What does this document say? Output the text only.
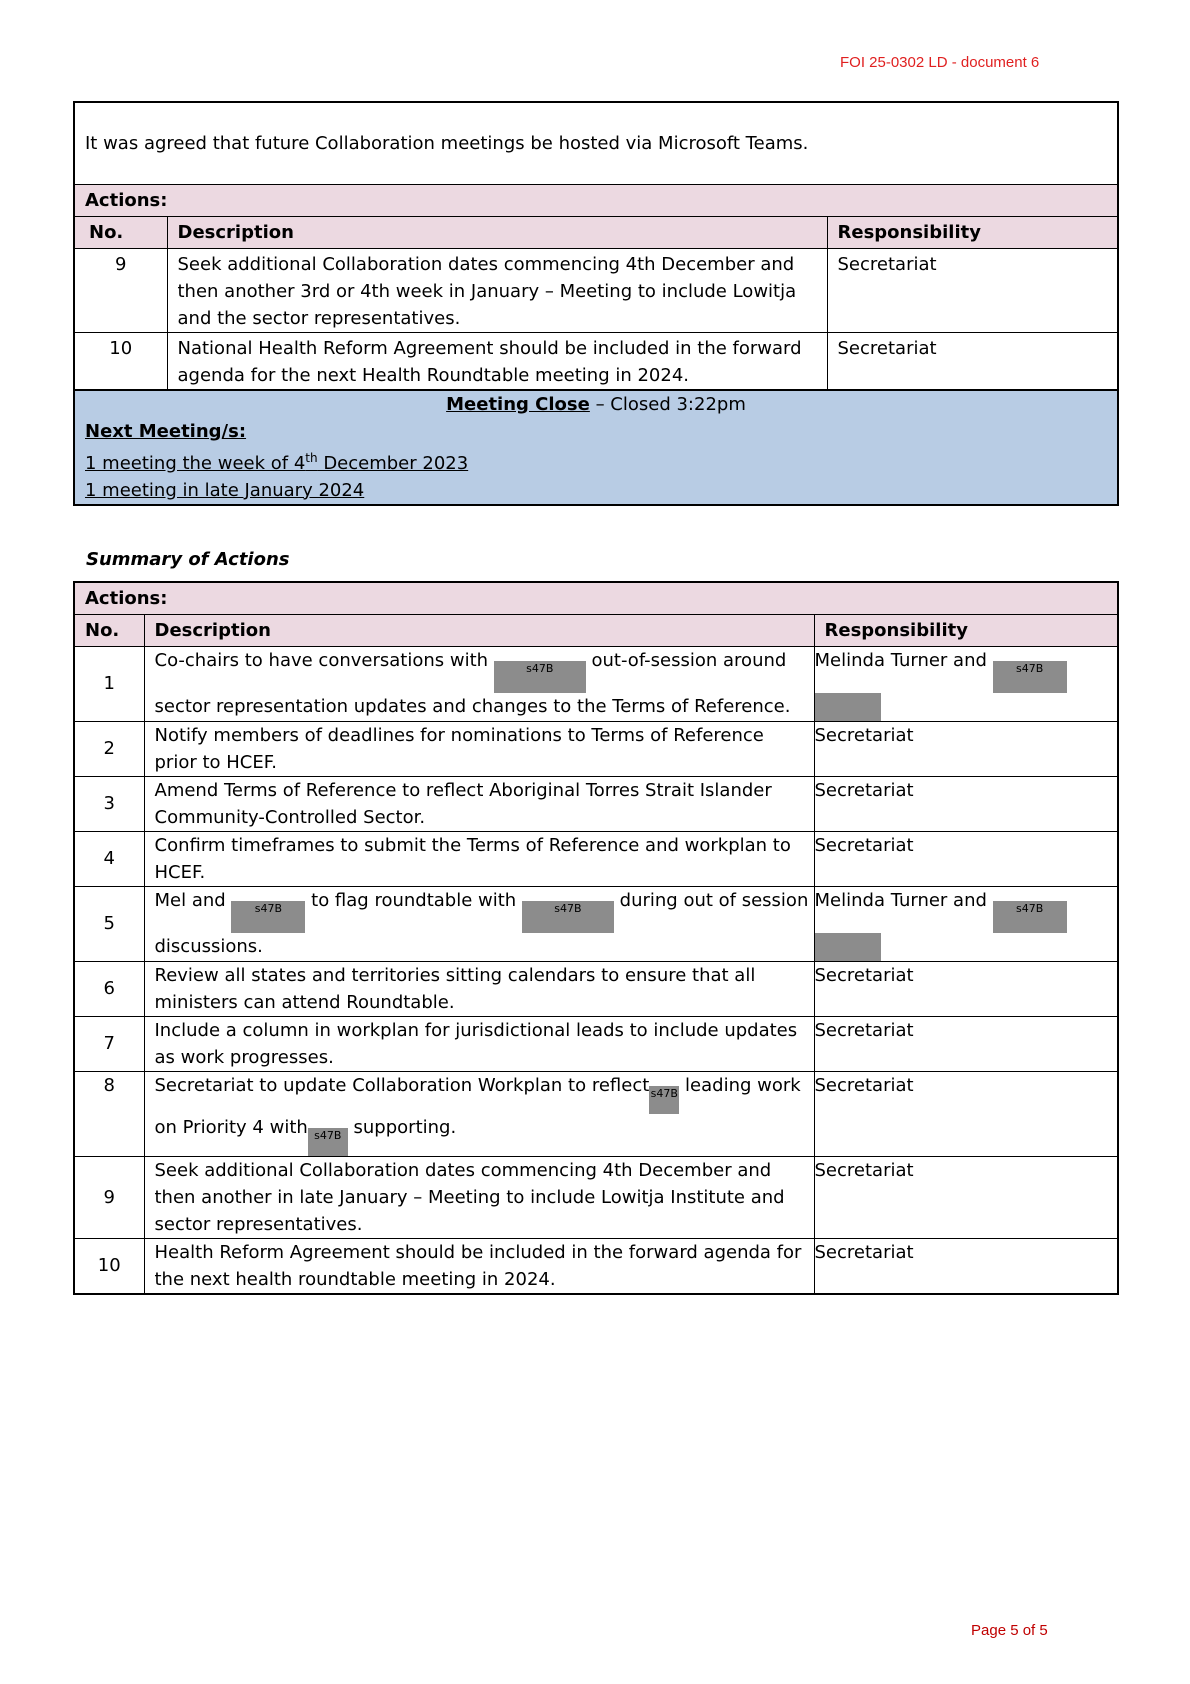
FOI 25-0302 LD - document 6
It was agreed that future Collaboration meetings be hosted via Microsoft Teams.		
Actions:		
No.	Description	Responsibility
9	Seek additional Collaboration dates commencing 4th December and then another 3rd or 4th week in January – Meeting to include Lowitja and the sector representatives.	Secretariat
10	National Health Reform Agreement should be included in the forward agenda for the next Health Roundtable meeting in 2024.	Secretariat

Meeting Close – Closed 3:22pm
Next Meeting/s:
1 meeting the week of 4th December 2023
1 meeting in late January 2024		
Summary of Actions
Actions:		
No.	Description	Responsibility
1	Co-chairs to have conversations with s47B out-of-session around sector representation updates and changes to the Terms of Reference.	Melinda Turner and s47B

2	Notify members of deadlines for nominations to Terms of Reference prior to HCEF.	Secretariat
3	Amend Terms of Reference to reflect Aboriginal Torres Strait Islander Community-Controlled Sector.	Secretariat
4	Confirm timeframes to submit the Terms of Reference and workplan to HCEF.	Secretariat
5	Mel and s47B to flag roundtable with s47B during out of session discussions.	Melinda Turner and s47B

6	Review all states and territories sitting calendars to ensure that all ministers can attend Roundtable.	Secretariat
7	Include a column in workplan for jurisdictional leads to include updates as work progresses.	Secretariat
8	Secretariat to update Collaboration Workplan to reflects47B leading work on Priority 4 with s47B supporting.	Secretariat
9	Seek additional Collaboration dates commencing 4th December and then another in late January – Meeting to include Lowitja Institute and sector representatives.	Secretariat
10	Health Reform Agreement should be included in the forward agenda for the next health roundtable meeting in 2024.	Secretariat
Page 5 of 5
